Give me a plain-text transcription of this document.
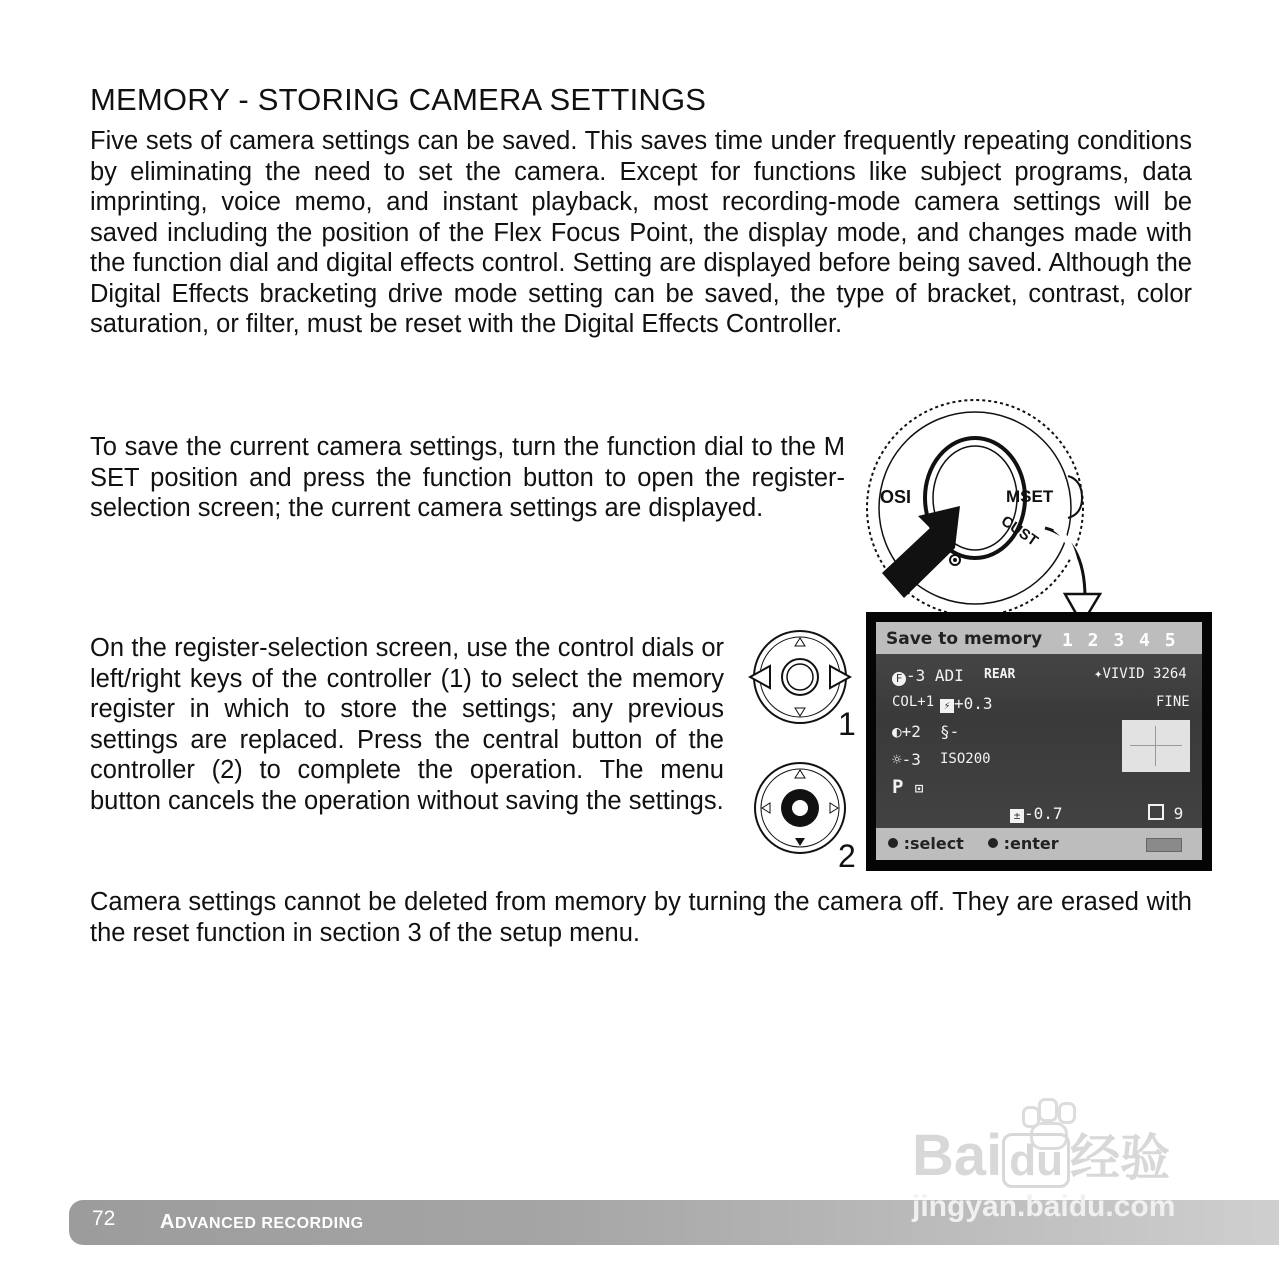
MEMORY - STORING CAMERA SETTINGS
Five sets of camera settings can be saved. This saves time under frequently repeating conditions by eliminating the need to set the camera. Except for functions like subject programs, data imprinting, voice memo, and instant playback, most recording-mode camera settings will be saved including the position of the Flex Focus Point, the display mode, and changes made with the function dial and digital effects control. Setting are displayed before being saved. Although the Digital Effects bracketing drive mode setting can be saved, the type of bracket, contrast, color saturation, or filter, must be reset with the Digital Effects Controller.
To save the current camera settings, turn the function dial to the M SET position and press the function button to open the register-selection screen; the current camera settings are displayed.
On the register-selection screen, use the control dials or left/right keys of the controller (1) to select the memory register in which to store the settings; any previous settings are replaced. Press the central button of the controller (2) to complete the operation. The menu button cancels the operation without saving the settings.
Camera settings cannot be deleted from memory by turning the camera off. They are erased with the reset function in section 3 of the setup menu.
OSI	MSET
CUST
1
2
Save to memory 1 2 3 4 5
F -3 ADI REAR	✦VIVID 3264
COL+1 ⚡ +0.3	FINE
◐+2 §-
☼-3 ISO200
P ⊡
± -0.7	9
:select	:enter
72 ADVANCED RECORDING
Bai du 经验
jingyan.baidu.com
